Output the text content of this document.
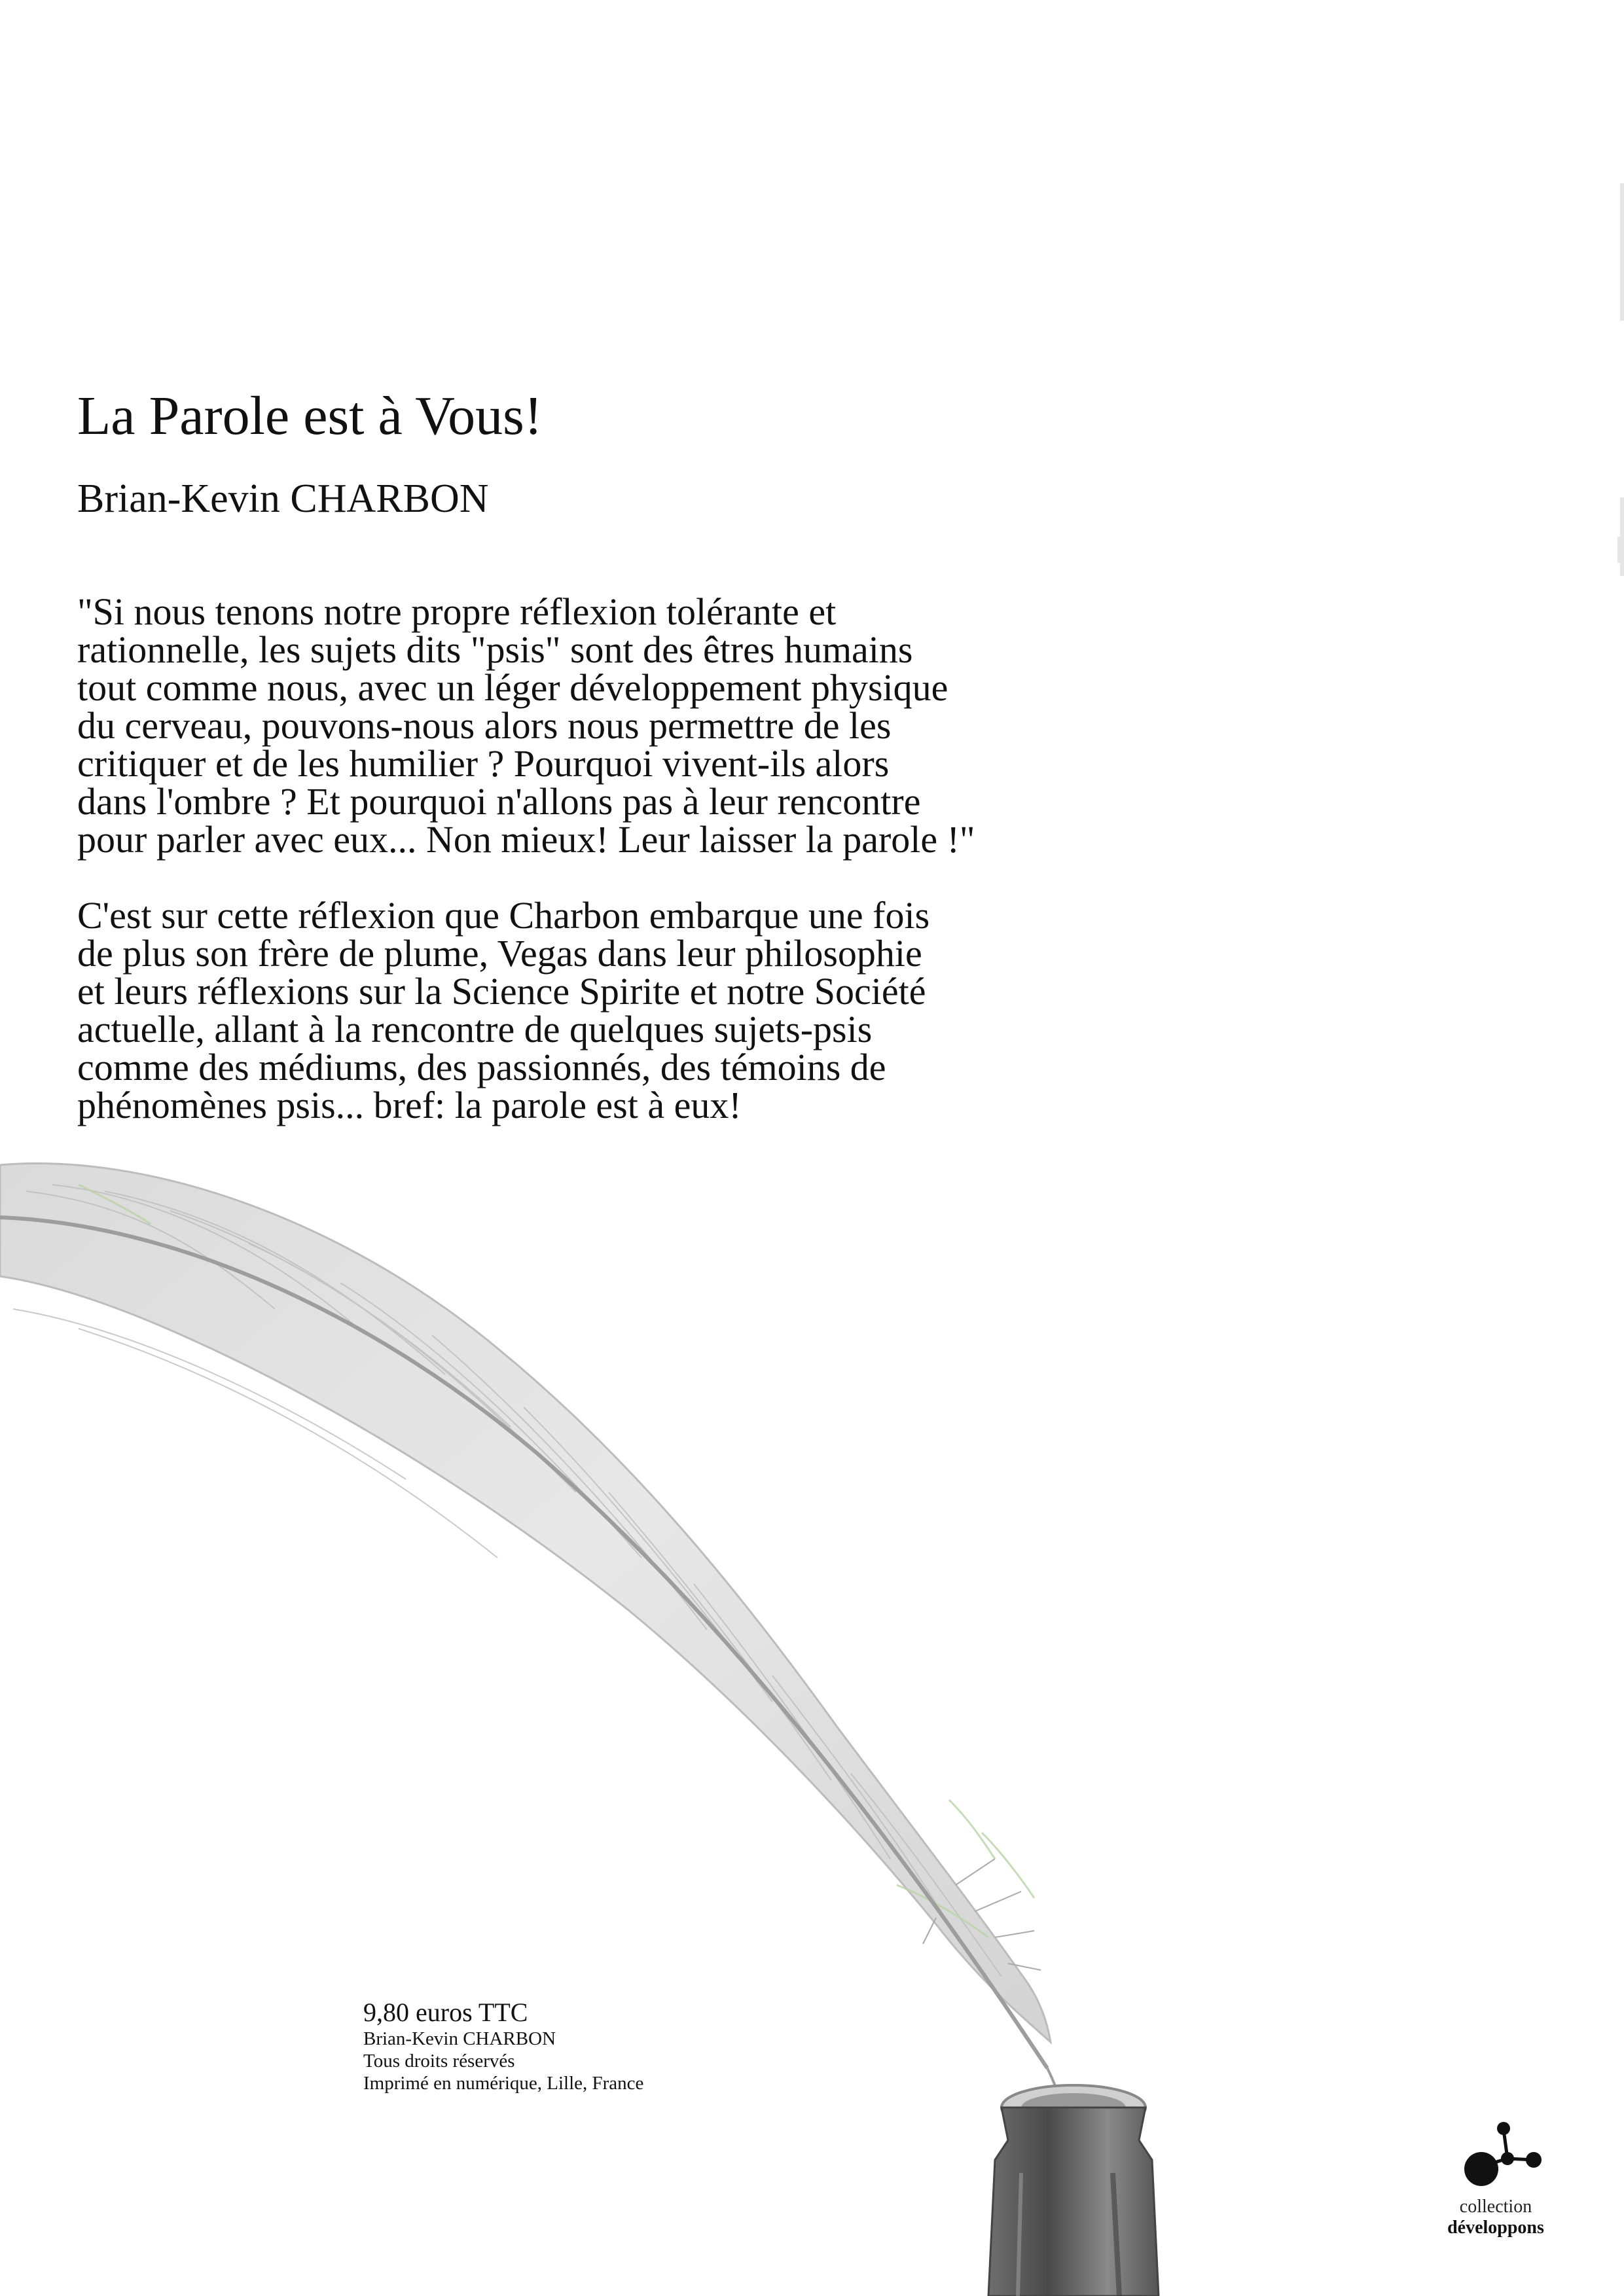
La Parole est à Vous!
Brian-Kevin CHARBON

"Si nous tenons notre propre réflexion tolérante et
rationnelle, les sujets dits "psis" sont des êtres humains
tout comme nous, avec un léger développement physique
du cerveau, pouvons-nous alors nous permettre de les
critiquer et de les humilier ? Pourquoi vivent-ils alors
dans l'ombre ? Et pourquoi n'allons pas à leur rencontre
pour parler avec eux... Non mieux! Leur laisser la parole !"

C'est sur cette réflexion que Charbon embarque une fois
de plus son frère de plume, Vegas dans leur philosophie
et leurs réflexions sur la Science Spirite et notre Société
actuelle, allant à la rencontre de quelques sujets-psis
comme des médiums, des passionnés, des témoins de
phénomènes psis... bref: la parole est à eux!

9,80 euros TTC
Brian-Kevin CHARBON
Tous droits réservés
Imprimé en numérique, Lille, France
collection
développons
